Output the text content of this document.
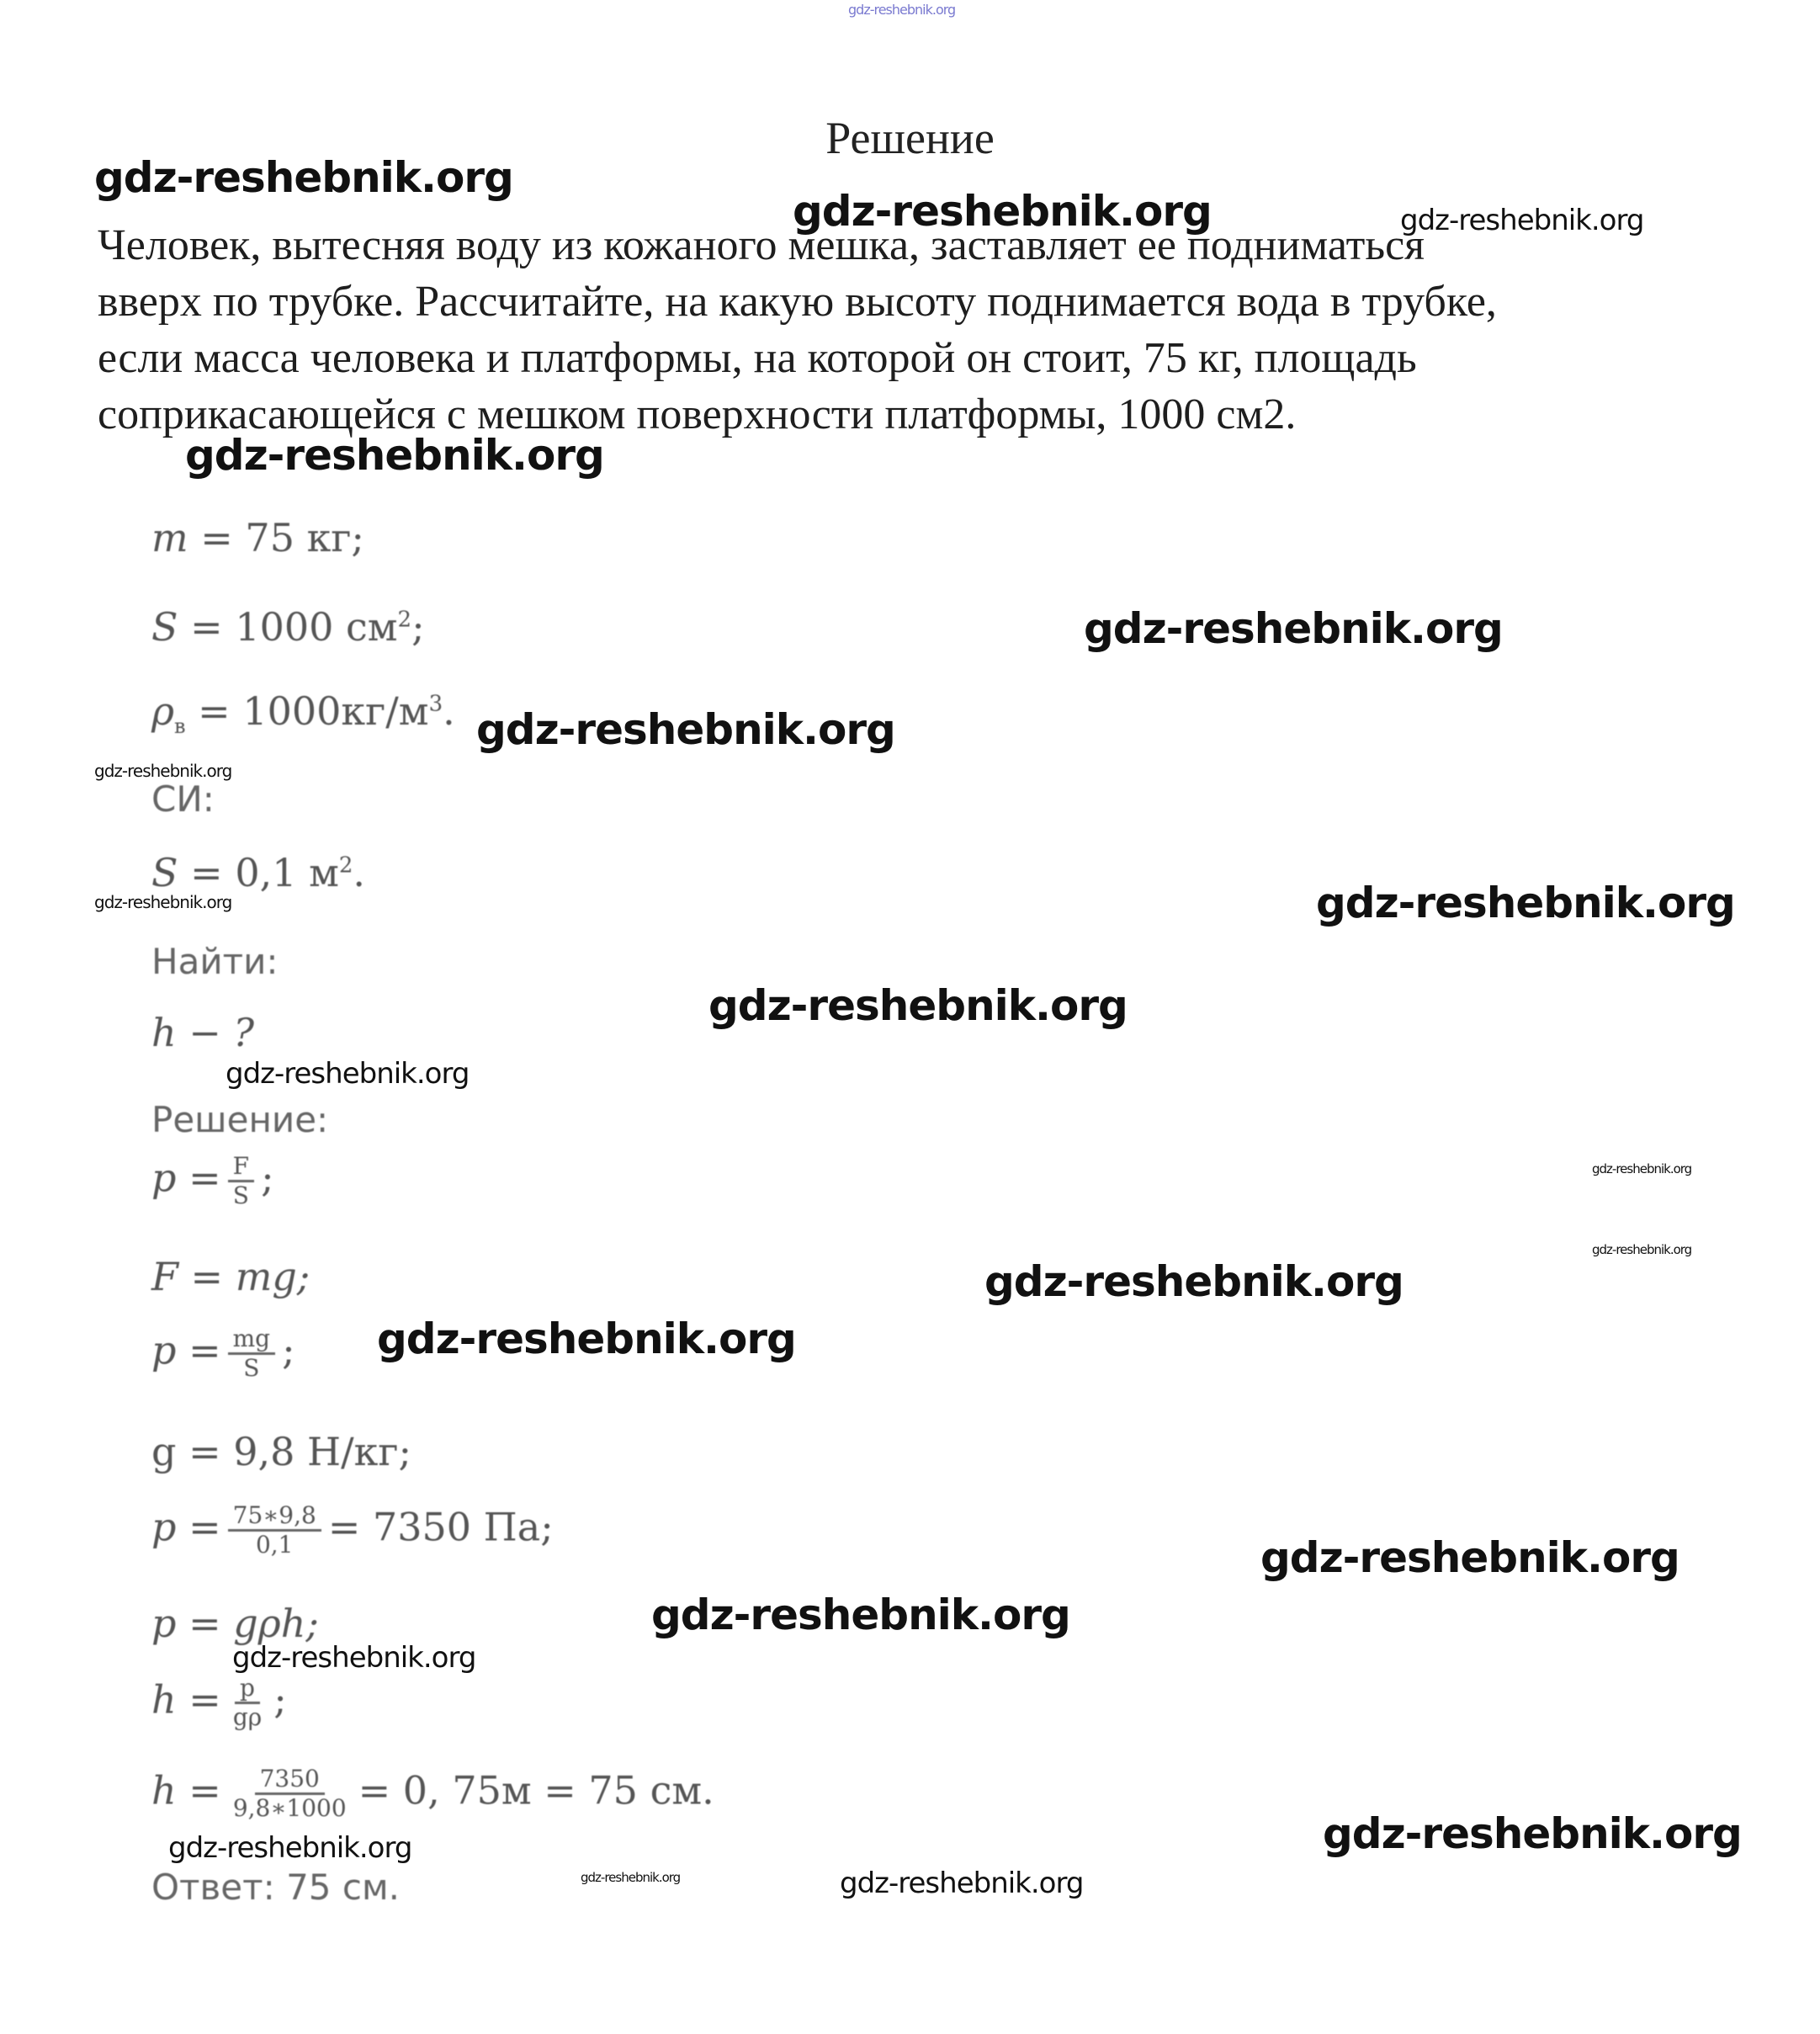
gdz-reshebnik.org
Решение

Человек, вытесняя воду из кожаного мешка, заставляет ее подниматься

вверх по трубке. Рассчитайте, на какую высоту поднимается вода в трубке,

если масса человека и платформы, на которой он стоит, 75 кг, площадь

соприкасающейся с мешком поверхности платформы, 1000 см2.

m = 75 кг;
S = 1000 $см^2$;
$\rho_в = 1000кг/м^3$.
СИ:
S = 0,1 $м^2$.
Найти:
h − ?
Решение:
$p = \frac{F}{S}$ ;
F = mg;
$p = \frac{mg}{S}$ ;
g = 9,8 Н/кг;
$p = \frac{75∗9,8}{0,1} = 7350$ Па;
p = gρh;
$h = \frac{p}{g\rho}$ ;
$h = \frac{7350}{9,8∗1000} = 0$, 75м = 75 см.
Ответ: 75 см.
gdz-reshebnik.org
gdz-reshebnik.org	gdz-reshebnik.org
gdz-reshebnik.org
gdz-reshebnik.org
gdz-reshebnik.org
gdz-reshebnik.org
gdz-reshebnik.org	gdz-reshebnik.org
gdz-reshebnik.org
gdz-reshebnik.org
gdz-reshebnik.org
gdz-reshebnik.org
gdz-reshebnik.org
gdz-reshebnik.org
gdz-reshebnik.org
gdz-reshebnik.org
gdz-reshebnik.org
gdz-reshebnik.org
gdz-reshebnik.org
gdz-reshebnik.org	gdz-reshebnik.org
